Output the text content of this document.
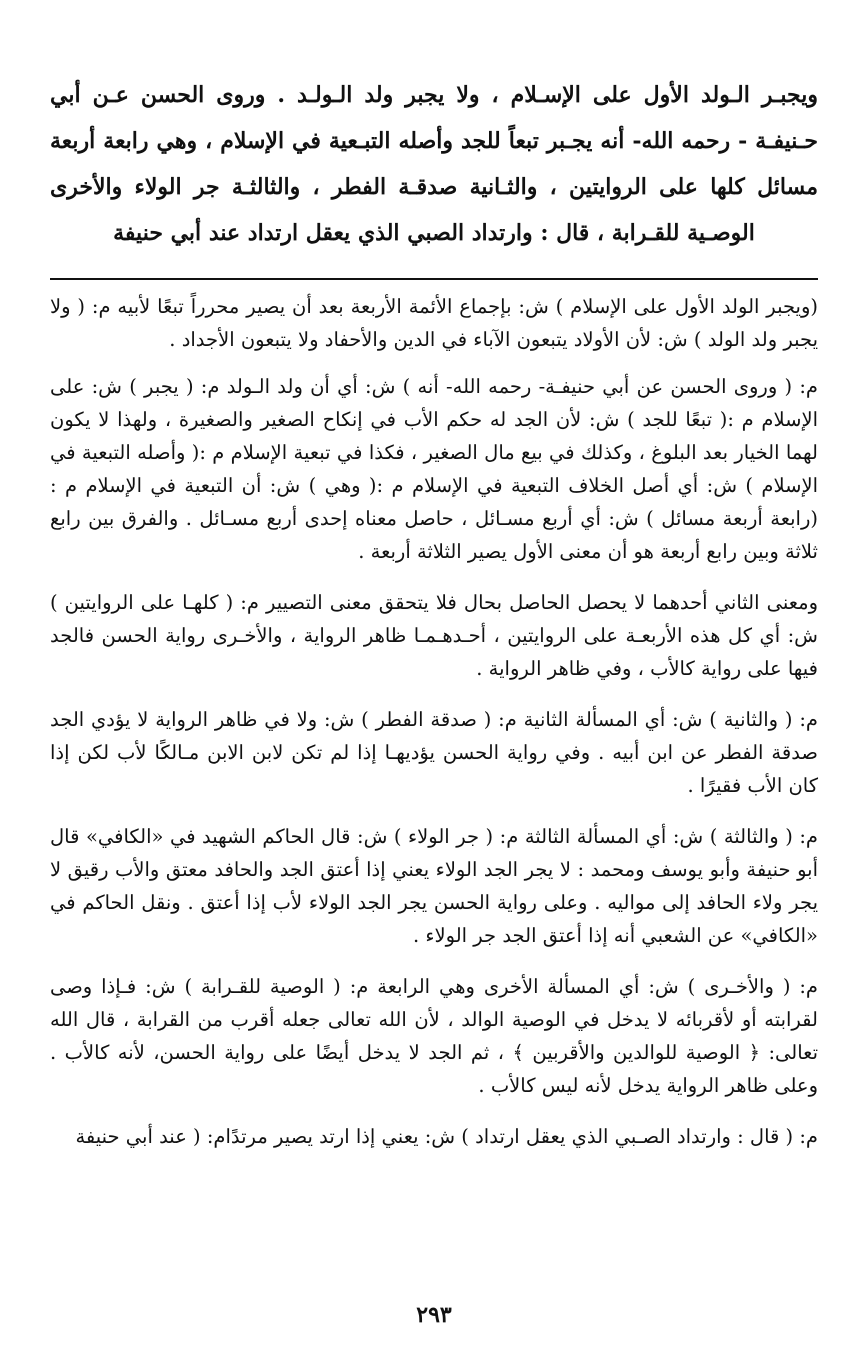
ويجبـر الـولد الأول على الإسـلام ، ولا يجبر ولد الـولـد . وروى الحسن عـن أبي حـنيفـة - رحمه الله- أنه يجـبر تبعاً للجد وأصله التبـعية في الإسلام ، وهي رابعة أربعة مسائل كلها على الروايتين ، والثـانية صدقـة الفطر ، والثالثـة جر الولاء والأخرى الوصـية للقـرابة ، قال : وارتداد الصبي الذي يعقل ارتداد عند أبي حنيفة

(ويجبر الولد الأول على الإسلام ) ش: بإجماع الأئمة الأربعة بعد أن يصير محرراً تبعًا لأبيه م: ( ولا يجبر ولد الولد ) ش: لأن الأولاد يتبعون الآباء في الدين والأحفاد ولا يتبعون الأجداد .

م: ( وروى الحسن عن أبي حنيفـة- رحمه الله- أنه ) ش: أي أن ولد الـولد م: ( يجبر ) ش: على الإسلام م :( تبعًا للجد ) ش: لأن الجد له حكم الأب في إنكاح الصغير والصغيرة ، ولهذا لا يكون لهما الخيار بعد البلوغ ، وكذلك في بيع مال الصغير ، فكذا في تبعية الإسلام م :( وأصله التبعية في الإسلام ) ش: أي أصل الخلاف التبعية في الإسلام م :( وهي ) ش: أن التبعية في الإسلام م :(رابعة أربعة مسائل ) ش: أي أربع مسـائل ، حاصل معناه إحدى أربع مسـائل . والفرق بين رابع ثلاثة وبين رابع أربعة هو أن معنى الأول يصير الثلاثة أربعة .

ومعنى الثاني أحدهما لا يحصل الحاصل بحال فلا يتحقق معنى التصيير م: ( كلهـا على الروايتين ) ش: أي كل هذه الأربعـة على الروايتين ، أحـدهـمـا ظاهر الرواية ، والأخـرى رواية الحسن فالجد فيها على رواية كالأب ، وفي ظاهر الرواية .

م: ( والثانية ) ش: أي المسألة الثانية م: ( صدقة الفطر ) ش: ولا في ظاهر الرواية لا يؤدي الجد صدقة الفطر عن ابن أبيه . وفي رواية الحسن يؤديهـا إذا لم تكن لابن الابن مـالكًا لأب لكن إذا كان الأب فقيرًا .

م: ( والثالثة ) ش: أي المسألة الثالثة م: ( جر الولاء ) ش: قال الحاكم الشهيد في «الكافي» قال أبو حنيفة وأبو يوسف ومحمد : لا يجر الجد الولاء يعني إذا أعتق الجد والحافد معتق والأب رقيق لا يجر ولاء الحافد إلى مواليه . وعلى رواية الحسن يجر الجد الولاء لأب إذا أعتق . ونقل الحاكم في «الكافي» عن الشعبي أنه إذا أعتق الجد جر الولاء .

م: ( والأخـرى ) ش: أي المسألة الأخرى وهي الرابعة م: ( الوصية للقـرابة ) ش: فـإذا وصى لقرابته أو لأقربائه لا يدخل في الوصية الوالد ، لأن الله تعالى جعله أقرب من القرابة ، قال الله تعالى: ﴿ الوصية للوالدين والأقربين ﴾ ، ثم الجد لا يدخل أيضًا على رواية الحسن، لأنه كالأب . وعلى ظاهر الرواية يدخل لأنه ليس كالأب .

م: ( قال : وارتداد الصـبي الذي يعقل ارتداد ) ش: يعني إذا ارتد يصير مرتدًام: ( عند أبي حنيفة

٢٩٣
